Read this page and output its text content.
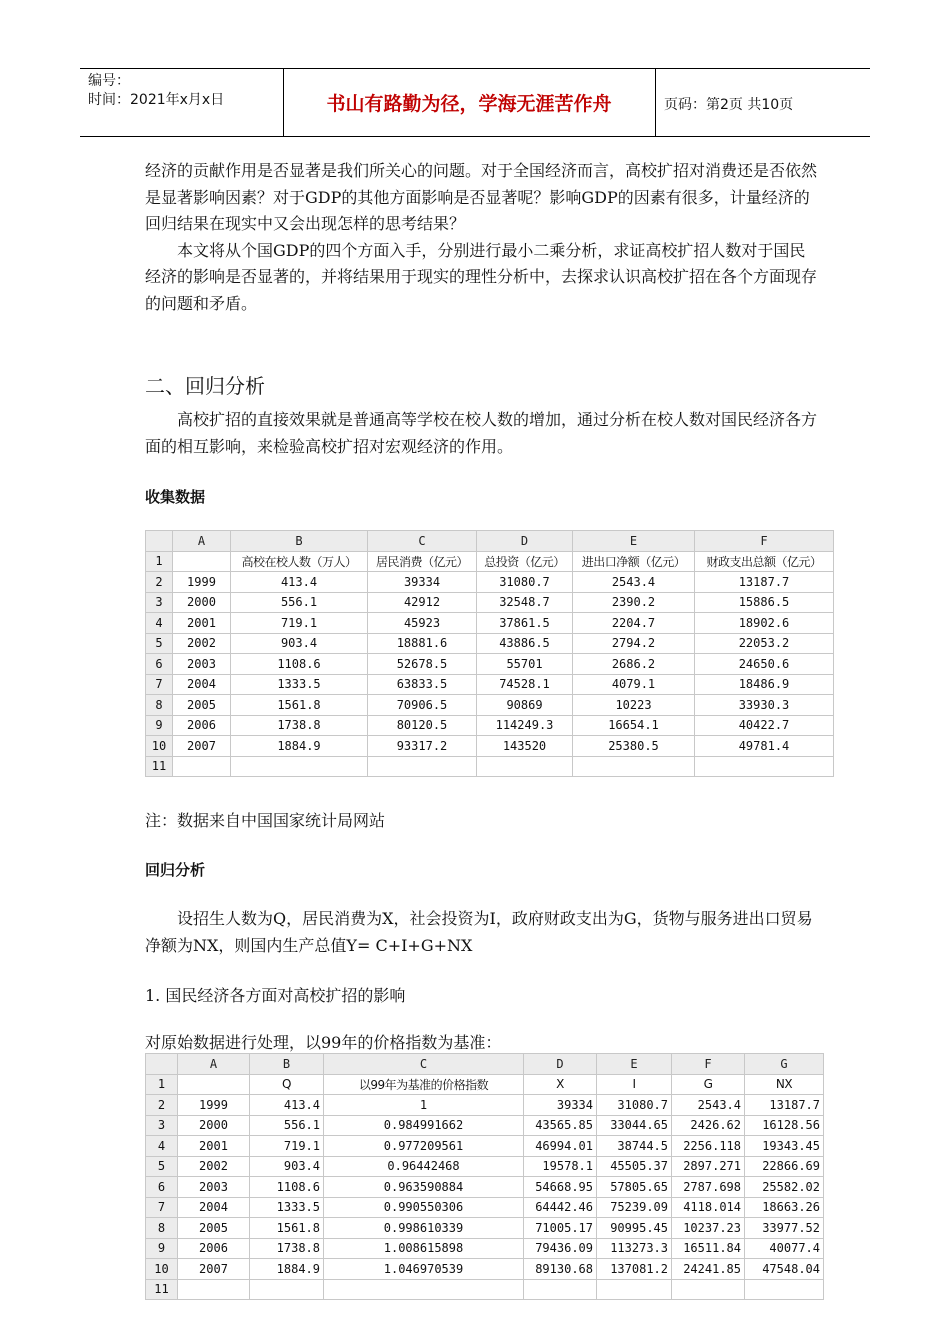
编号：
时间：2021年x月x日	书山有路勤为径，学海无涯苦作舟	页码：第2页 共10页

经济的贡献作用是否显著是我们所关心的问题。对于全国经济而言，高校扩招对消费还是否依然是显著影响因素？对于GDP的其他方面影响是否显著呢？影响GDP的因素有很多，计量经济的回归结果在现实中又会出现怎样的思考结果？

本文将从个国GDP的四个方面入手，分别进行最小二乘分析，求证高校扩招人数对于国民经济的影响是否显著的，并将结果用于现实的理性分析中，去探求认识高校扩招在各个方面现存的问题和矛盾。

二、回归分析

高校扩招的直接效果就是普通高等学校在校人数的增加，通过分析在校人数对国民经济各方面的相互影响，来检验高校扩招对宏观经济的作用。

收集数据
	A	B	C	D	E	F
1		高校在校人数（万人）	居民消费（亿元）	总投资（亿元）	进出口净额（亿元）	财政支出总额（亿元）
2	1999	413.4	39334	31080.7	2543.4	13187.7
3	2000	556.1	42912	32548.7	2390.2	15886.5
4	2001	719.1	45923	37861.5	2204.7	18902.6
5	2002	903.4	18881.6	43886.5	2794.2	22053.2
6	2003	1108.6	52678.5	55701	2686.2	24650.6
7	2004	1333.5	63833.5	74528.1	4079.1	18486.9
8	2005	1561.8	70906.5	90869	10223	33930.3
9	2006	1738.8	80120.5	114249.3	16654.1	40422.7
10	2007	1884.9	93317.2	143520	25380.5	49781.4
11						
注：数据来自中国国家统计局网站
回归分析

设招生人数为Q，居民消费为X，社会投资为I，政府财政支出为G，货物与服务进出口贸易净额为NX，则国内生产总值Y= C+I+G+NX

1. 国民经济各方面对高校扩招的影响
对原始数据进行处理，以99年的价格指数为基准：
	A	B	C	D	E	F	G
1		Q	以99年为基准的价格指数	X	I	G	NX
2	1999	413.4	1	39334	31080.7	2543.4	13187.7
3	2000	556.1	0.984991662	43565.85	33044.65	2426.62	16128.56
4	2001	719.1	0.977209561	46994.01	38744.5	2256.118	19343.45
5	2002	903.4	0.96442468	19578.1	45505.37	2897.271	22866.69
6	2003	1108.6	0.963590884	54668.95	57805.65	2787.698	25582.02
7	2004	1333.5	0.990550306	64442.46	75239.09	4118.014	18663.26
8	2005	1561.8	0.998610339	71005.17	90995.45	10237.23	33977.52
9	2006	1738.8	1.008615898	79436.09	113273.3	16511.84	40077.4
10	2007	1884.9	1.046970539	89130.68	137081.2	24241.85	47548.04
11							
